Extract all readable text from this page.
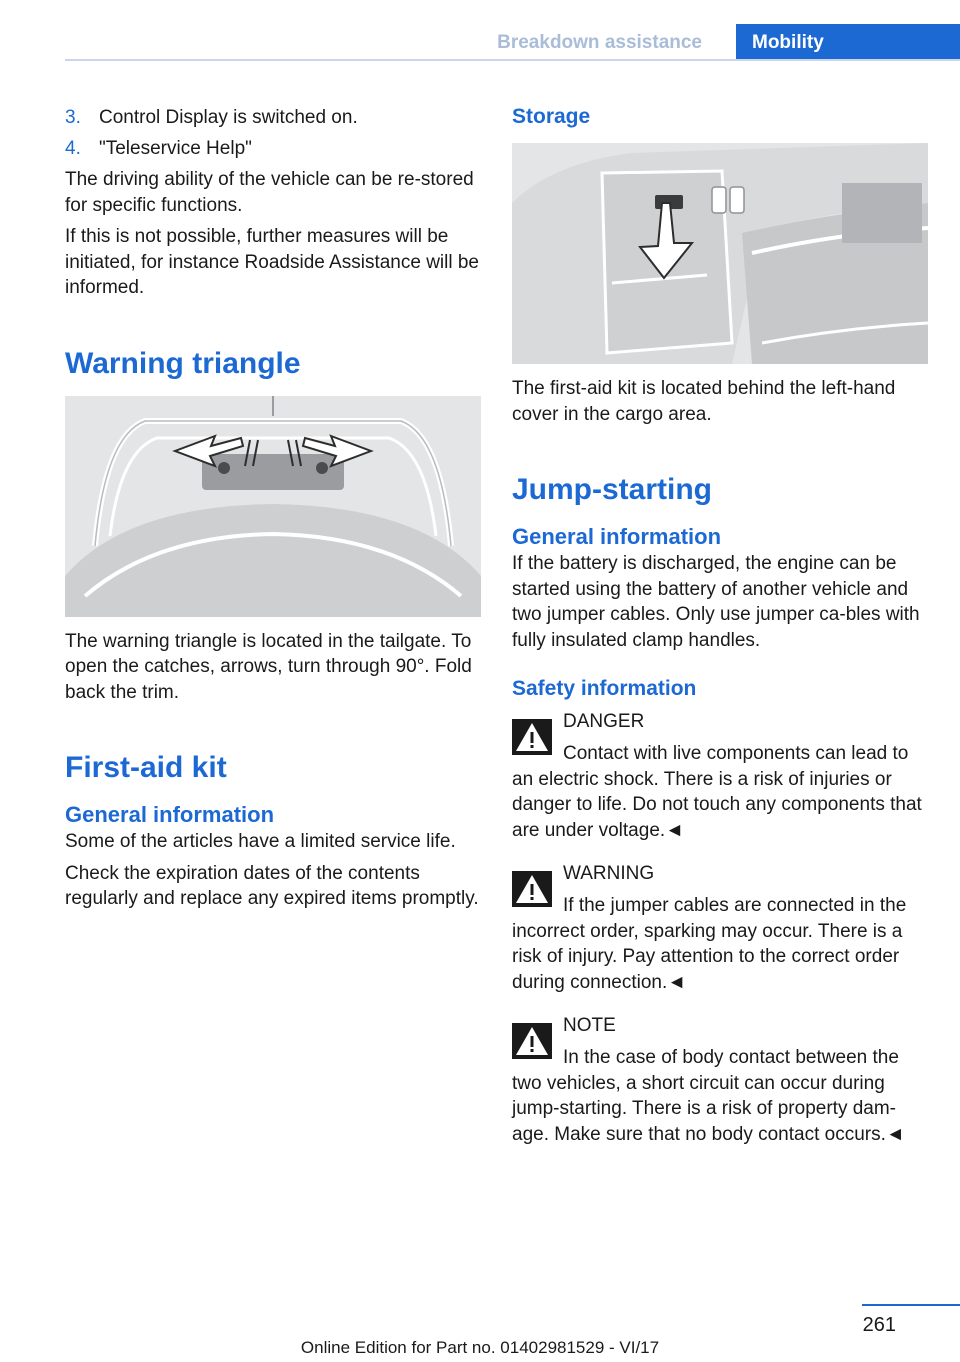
Breakdown assistance	Mobility
3. Control Display is switched on.
4. "Teleservice Help"

The driving ability of the vehicle can be re-stored for specific functions.

If this is not possible, further measures will be initiated, for instance Roadside Assistance will be informed.

Warning triangle

The warning triangle is located in the tailgate. To open the catches, arrows, turn through 90°. Fold back the trim.

First-aid kit
General information

Some of the articles have a limited service life.

Check the expiration dates of the contents regularly and replace any expired items promptly.

Storage

The first-aid kit is located behind the left-hand cover in the cargo area.

Jump-starting
General information

If the battery is discharged, the engine can be started using the battery of another vehicle and two jumper cables. Only use jumper ca-bles with fully insulated clamp handles.

Safety information
DANGER
Contact with live components can lead to an electric shock. There is a risk of injuries or danger to life. Do not touch any components that are under voltage.◄
WARNING
If the jumper cables are connected in the incorrect order, sparking may occur. There is a risk of injury. Pay attention to the correct order during connection.◄
NOTE
In the case of body contact between the two vehicles, a short circuit can occur during jump-starting. There is a risk of property dam-age. Make sure that no body contact occurs.◄
261
Online Edition for Part no. 01402981529 - VI/17
